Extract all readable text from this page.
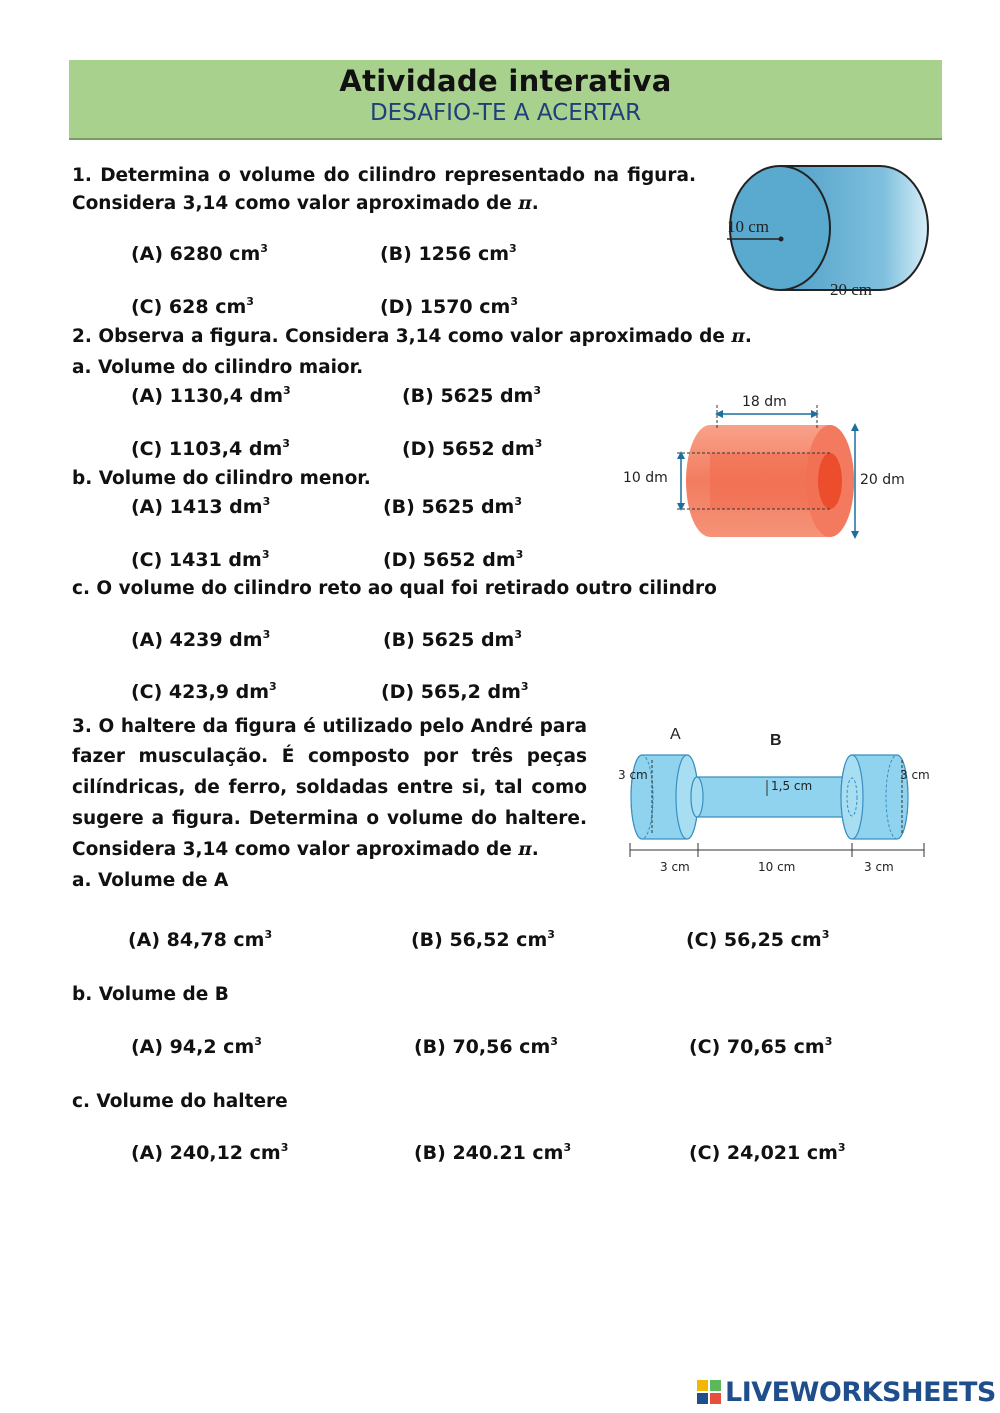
Atividade interativa
DESAFIO-TE A ACERTAR
1. Determina o volume do cilindro representado na figura.
Considera 3,14 como valor aproximado de π.
(A) 6280 $cm^3$	(B) 1256 $cm^3$
(C) 628 $cm^3$	(D) 1570 $cm^3$
10 cm
20 cm
2. Observa a figura. Considera 3,14 como valor aproximado de π.
a. Volume do cilindro maior.
(A) 1130,4 $dm^3$	(B) 5625 $dm^3$
(C) 1103,4 $dm^3$	(D) 5652 $dm^3$
b. Volume do cilindro menor.
(A) 1413 $dm^3$	(B) 5625 $dm^3$
(C) 1431 $dm^3$	(D) 5652 $dm^3$
c. O volume do cilindro reto ao qual foi retirado outro cilindro
(A) 4239 $dm^3$	(B) 5625 $dm^3$
(C) 423,9 $dm^3$	(D) 565,2 $dm^3$
18 dm
10 dm	20 dm
3. O haltere da figura é utilizado pelo André para
fazer musculação. É composto por três peças
cilíndricas, de ferro, soldadas entre si, tal como
sugere a figura. Determina o volume do haltere.
Considera 3,14 como valor aproximado de π.
a. Volume de A
(A) 84,78 $cm^3$	(B) 56,52 $cm^3$	(C) 56,25 $cm^3$
b. Volume de B
(A) 94,2 $cm^3$	(B) 70,56 $cm^3$	(C) 70,65 $cm^3$
c. Volume do haltere
(A) 240,12 $cm^3$	(B) 240.21 $cm^3$	(C) 24,021 $cm^3$
A	B
3 cm	3 cm
1,5 cm
3 cm	10 cm	3 cm
LIVEWORKSHEETS
